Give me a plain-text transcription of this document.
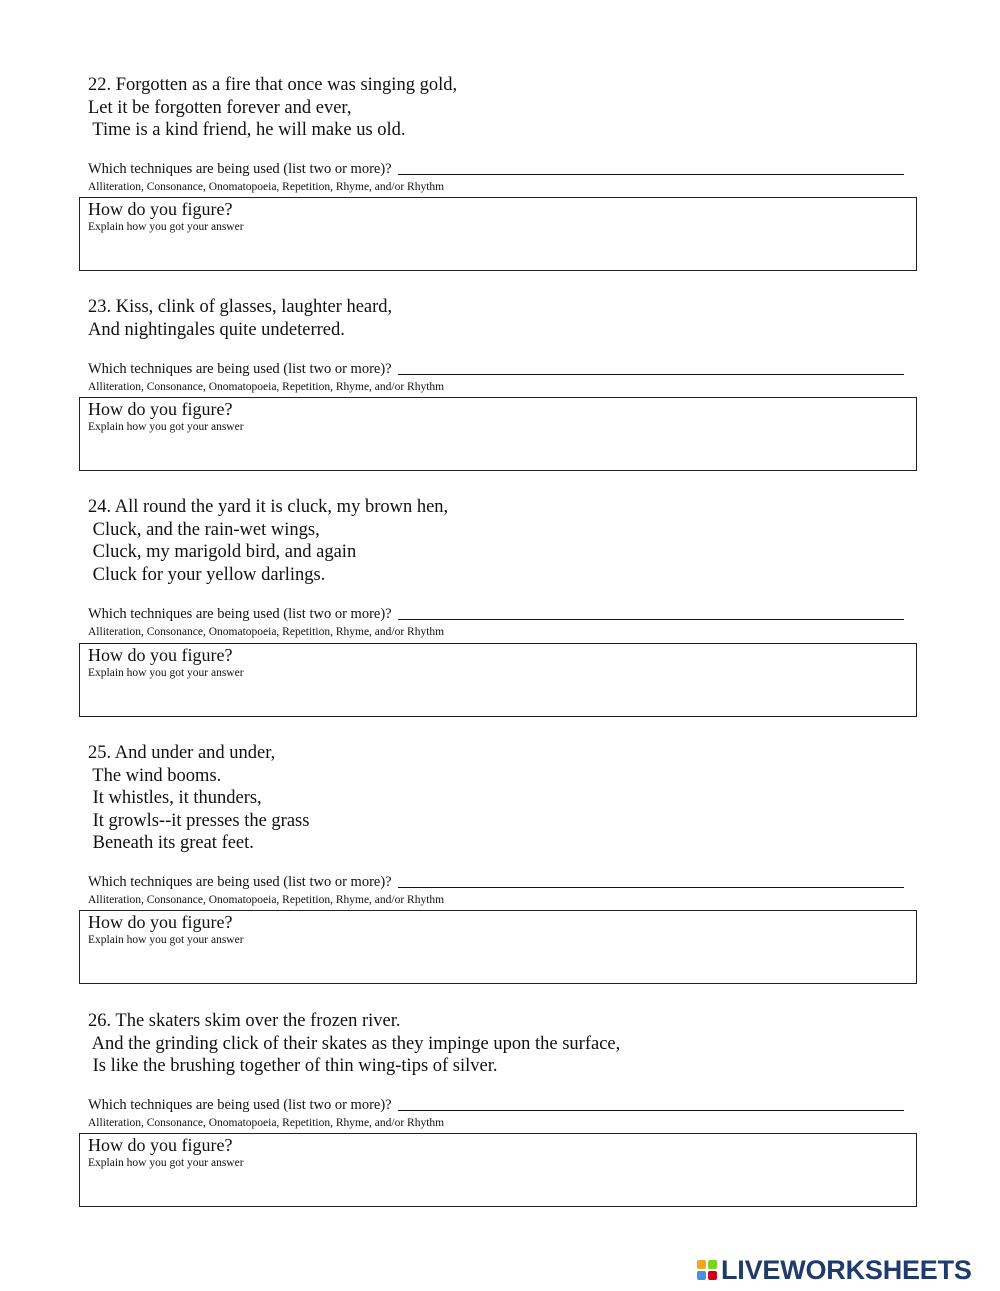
22. Forgotten as a fire that once was singing gold,
Let it be forgotten forever and ever,
Time is a kind friend, he will make us old.
Which techniques are being used (list two or more)?
Alliteration, Consonance, Onomatopoeia, Repetition, Rhyme, and/or Rhythm
How do you figure?
Explain how you got your answer
23. Kiss, clink of glasses, laughter heard,
And nightingales quite undeterred.
Which techniques are being used (list two or more)?
Alliteration, Consonance, Onomatopoeia, Repetition, Rhyme, and/or Rhythm
How do you figure?
Explain how you got your answer
24. All round the yard it is cluck, my brown hen,
Cluck, and the rain-wet wings,
Cluck, my marigold bird, and again
Cluck for your yellow darlings.
Which techniques are being used (list two or more)?
Alliteration, Consonance, Onomatopoeia, Repetition, Rhyme, and/or Rhythm
How do you figure?
Explain how you got your answer
25. And under and under,
The wind booms.
It whistles, it thunders,
It growls--it presses the grass
Beneath its great feet.
Which techniques are being used (list two or more)?
Alliteration, Consonance, Onomatopoeia, Repetition, Rhyme, and/or Rhythm
How do you figure?
Explain how you got your answer
26. The skaters skim over the frozen river.
And the grinding click of their skates as they impinge upon the surface,
Is like the brushing together of thin wing-tips of silver.
Which techniques are being used (list two or more)?
Alliteration, Consonance, Onomatopoeia, Repetition, Rhyme, and/or Rhythm
How do you figure?
Explain how you got your answer
LIVEWORKSHEETS
